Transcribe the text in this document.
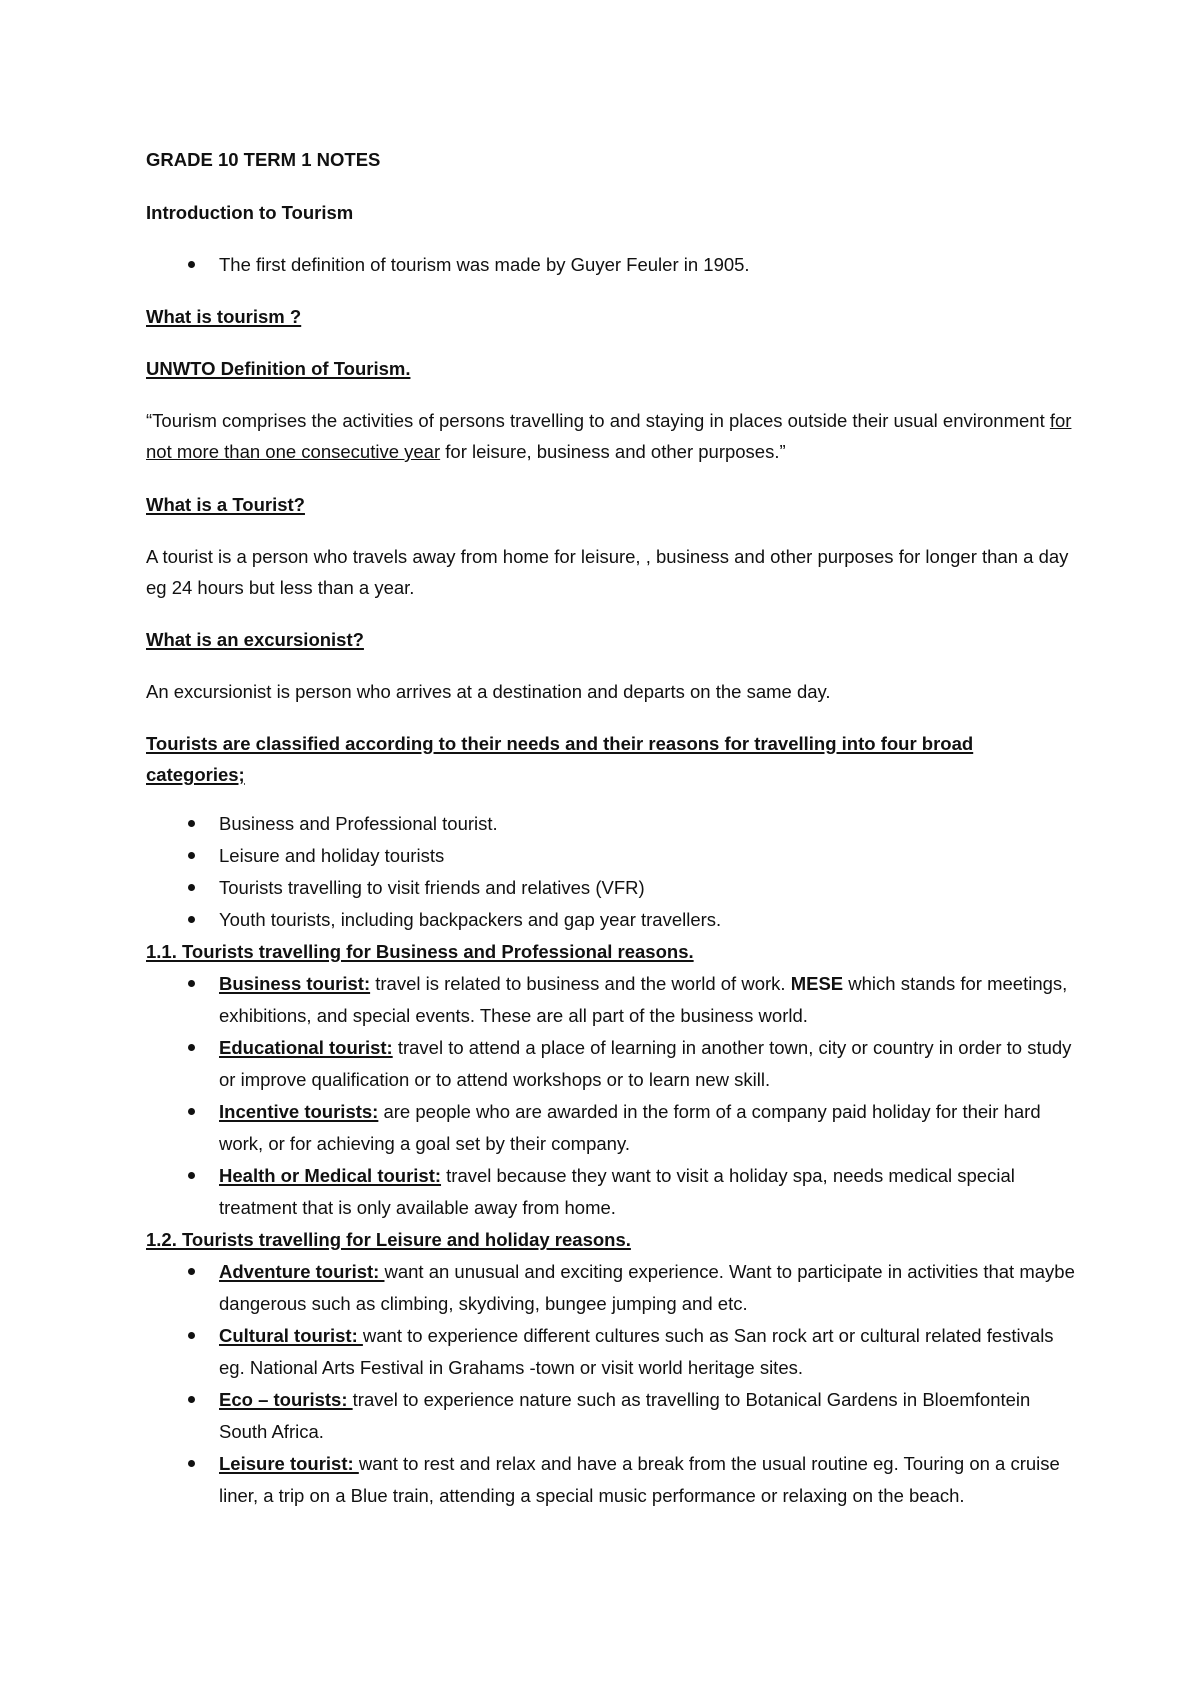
GRADE 10 TERM 1 NOTES

Introduction to Tourism

The first definition of tourism was made by Guyer Feuler in 1905.

What is tourism ?

UNWTO Definition of Tourism.

“Tourism comprises the activities of persons travelling to and staying in places outside their usual environment for not more than one consecutive year for leisure, business and other purposes.”

What is a Tourist?

A tourist is a person who travels away from home for leisure, , business and other purposes for longer than a day eg 24 hours but less than a year.

What is an excursionist?

An excursionist is person who arrives at a destination and departs on the same day.

Tourists are classified according to their needs and their reasons for travelling into four broad categories;

Business and Professional tourist.
Leisure and holiday tourists
Tourists travelling to visit friends and relatives (VFR)
Youth tourists, including backpackers and gap year travellers.

1.1. Tourists travelling for Business and Professional reasons.

Business tourist: travel is related to business and the world of work. MESE which stands for meetings, exhibitions, and special events. These are all part of the business world.
Educational tourist: travel to attend a place of learning in another town, city or country in order to study or improve qualification or to attend workshops or to learn new skill.
Incentive tourists: are people who are awarded in the form of a company paid holiday for their hard work, or for achieving a goal set by their company.
Health or Medical tourist: travel because they want to visit a holiday spa, needs medical special treatment that is only available away from home.

1.2. Tourists travelling for Leisure and holiday reasons.

Adventure tourist: want an unusual and exciting experience. Want to participate in activities that maybe dangerous such as climbing, skydiving, bungee jumping and etc.
Cultural tourist: want to experience different cultures such as San rock art or cultural related festivals eg. National Arts Festival in Grahams -town or visit world heritage sites.
Eco – tourists: travel to experience nature such as travelling to Botanical Gardens in Bloemfontein South Africa.
Leisure tourist: want to rest and relax and have a break from the usual routine eg. Touring on a cruise liner, a trip on a Blue train, attending a special music performance or relaxing on the beach.
